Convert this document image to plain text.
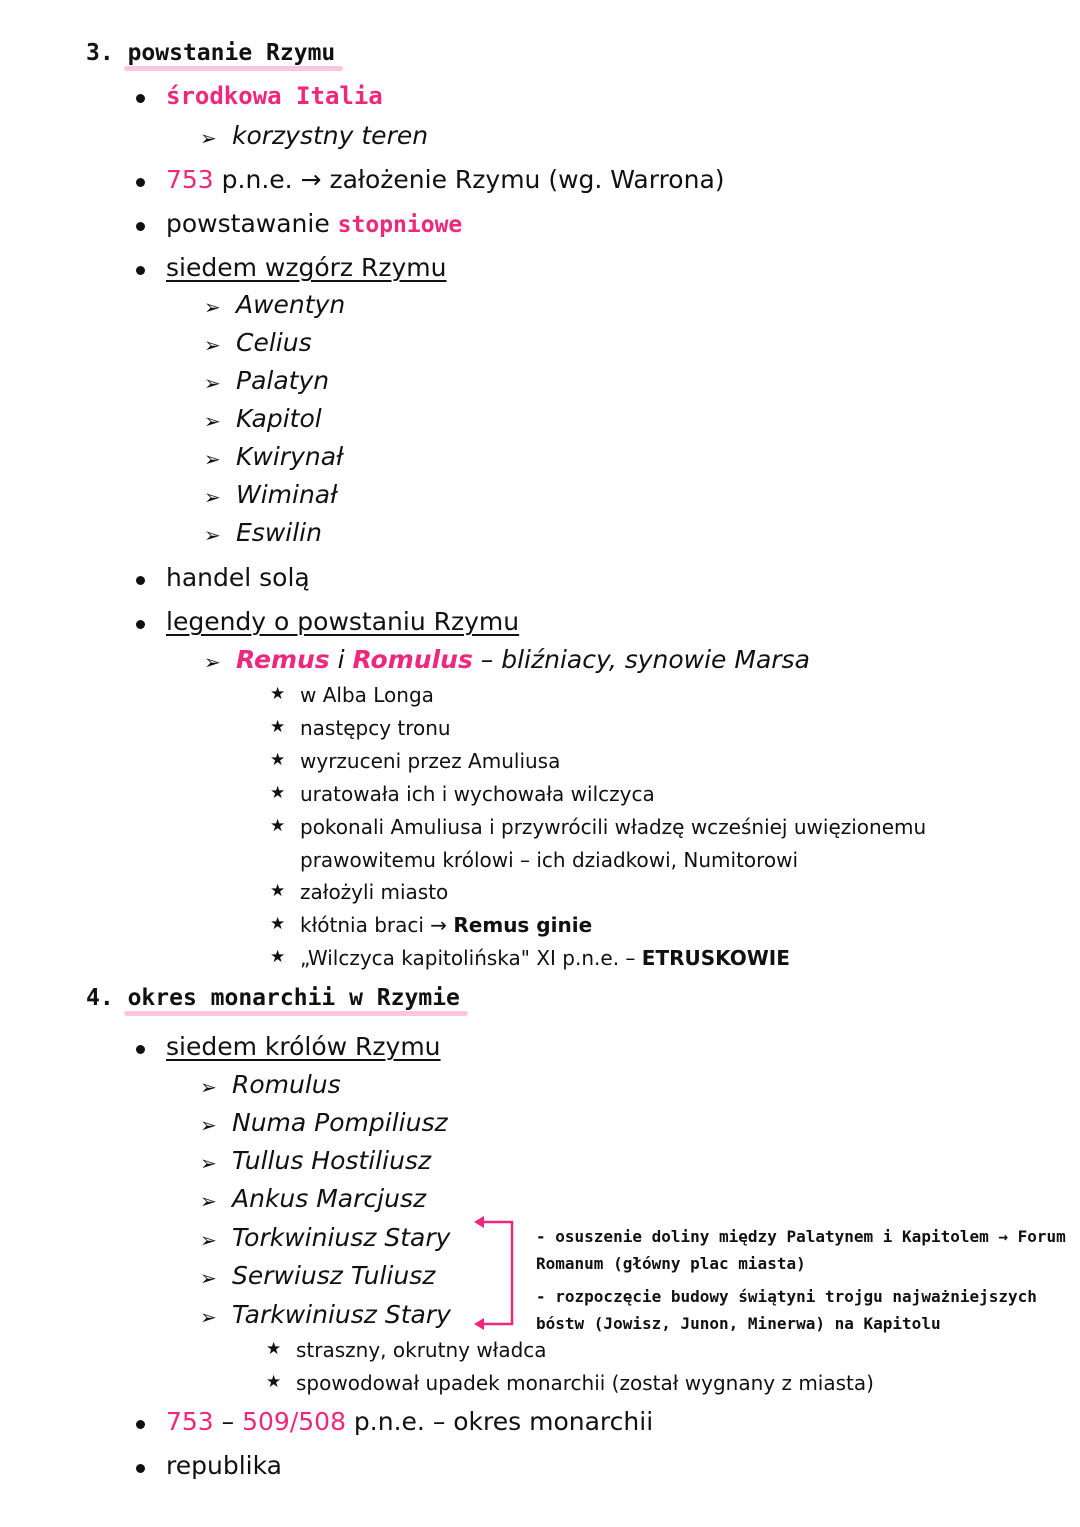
3. powstanie Rzymu
środkowa Italia
➢ korzystny teren
753 p.n.e. → założenie Rzymu (wg. Warrona)
powstawanie stopniowe
siedem wzgórz Rzymu
➢ Awentyn
➢ Celius
➢ Palatyn
➢ Kapitol
➢ Kwirynał
➢ Wiminał
➢ Eswilin
handel solą
legendy o powstaniu Rzymu
➢ Remus i Romulus – bliźniacy, synowie Marsa
★ w Alba Longa
★ następcy tronu
★ wyrzuceni przez Amuliusa
★ uratowała ich i wychowała wilczyca
★ pokonali Amuliusa i przywrócili władzę wcześniej uwięzionemu
prawowitemu królowi – ich dziadkowi, Numitorowi
★ założyli miasto
★ kłótnia braci → Remus ginie
★ „Wilczyca kapitolińska" XI p.n.e. – ETRUSKOWIE
4. okres monarchii w Rzymie
siedem królów Rzymu
➢ Romulus
➢ Numa Pompiliusz
➢ Tullus Hostiliusz
➢ Ankus Marcjusz
➢ Torkwiniusz Stary
➢ Serwiusz Tuliusz
➢ Tarkwiniusz Stary
- osuszenie doliny między Palatynem i Kapitolem → Forum
Romanum (główny plac miasta)
- rozpoczęcie budowy świątyni trojgu najważniejszych
bóstw (Jowisz, Junon, Minerwa) na Kapitolu
★ straszny, okrutny władca
★ spowodował upadek monarchii (został wygnany z miasta)
753 – 509/508 p.n.e. – okres monarchii
republika
